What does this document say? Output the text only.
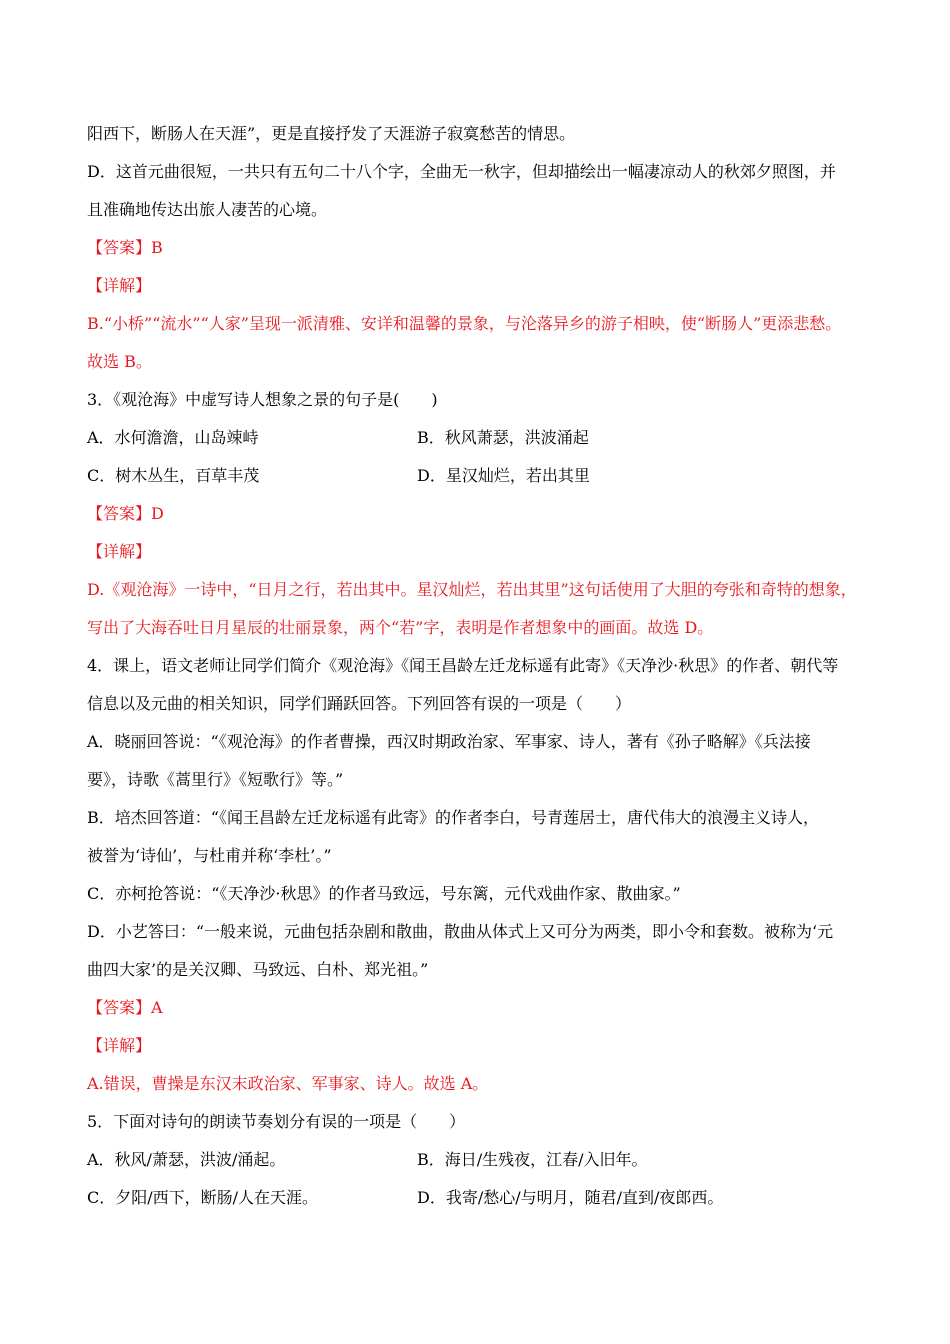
阳西下，断肠人在天涯”，更是直接抒发了天涯游子寂寞愁苦的情思。
D．这首元曲很短，一共只有五句二十八个字，全曲无一秋字，但却描绘出一幅凄凉动人的秋郊夕照图，并
且准确地传达出旅人凄苦的心境。
【答案】B
【详解】
B.“小桥”“流水”“人家”呈现一派清雅、安详和温馨的景象，与沦落异乡的游子相映，使“断肠人”更添悲愁。
故选 B。
3．《观沧海》中虚写诗人想象之景的句子是(　　)
A．水何澹澹，山岛竦峙	B．秋风萧瑟，洪波涌起
C．树木丛生，百草丰茂	D．星汉灿烂，若出其里
【答案】D
【详解】
D.《观沧海》一诗中，“日月之行，若出其中。星汉灿烂，若出其里”这句话使用了大胆的夸张和奇特的想象，
写出了大海吞吐日月星辰的壮丽景象，两个“若”字，表明是作者想象中的画面。故选 D。
4．课上，语文老师让同学们简介《观沧海》《闻王昌龄左迁龙标遥有此寄》《天净沙·秋思》的作者、朝代等
信息以及元曲的相关知识，同学们踊跃回答。下列回答有误的一项是（　　）
A．晓丽回答说：“《观沧海》的作者曹操，西汉时期政治家、军事家、诗人，著有《孙子略解》《兵法接
要》，诗歌《蒿里行》《短歌行》等。”
B．培杰回答道：“《闻王昌龄左迁龙标遥有此寄》的作者李白，号青莲居士，唐代伟大的浪漫主义诗人，
被誉为‘诗仙’，与杜甫并称‘李杜’。”
C．亦柯抢答说：“《天净沙·秋思》的作者马致远，号东篱，元代戏曲作家、散曲家。”
D．小艺答曰：“一般来说，元曲包括杂剧和散曲，散曲从体式上又可分为两类，即小令和套数。被称为‘元
曲四大家’的是关汉卿、马致远、白朴、郑光祖。”
【答案】A
【详解】
A.错误，曹操是东汉末政治家、军事家、诗人。故选 A。
5．下面对诗句的朗读节奏划分有误的一项是（　　）
A．秋风/萧瑟，洪波/涌起。	B．海日/生残夜，江春/入旧年。
C．夕阳/西下，断肠/人在天涯。	D．我寄/愁心/与明月，随君/直到/夜郎西。
